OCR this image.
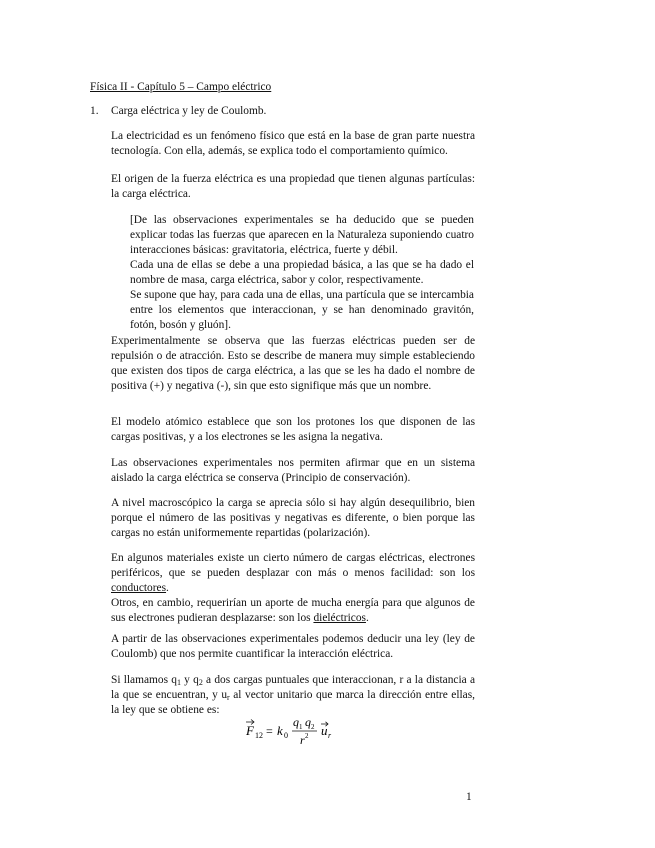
Física II - Capítulo 5 – Campo eléctrico
1. Carga eléctrica y ley de Coulomb.

La electricidad es un fenómeno físico que está en la base de gran parte nuestra tecnología. Con ella, además, se explica todo el comportamiento químico.

El origen de la fuerza eléctrica es una propiedad que tienen algunas partículas: la carga eléctrica.

[De las observaciones experimentales se ha deducido que se pueden explicar todas las fuerzas que aparecen en la Naturaleza suponiendo cuatro interacciones básicas: gravitatoria, eléctrica, fuerte y débil.

Cada una de ellas se debe a una propiedad básica, a las que se ha dado el nombre de masa, carga eléctrica, sabor y color, respectivamente.

Se supone que hay, para cada una de ellas, una partícula que se intercambia entre los elementos que interaccionan, y se han denominado gravitón, fotón, bosón y gluón].

Experimentalmente se observa que las fuerzas eléctricas pueden ser de repulsión o de atracción. Esto se describe de manera muy simple estableciendo que existen dos tipos de carga eléctrica, a las que se les ha dado el nombre de positiva (+) y negativa (-), sin que esto signifique más que un nombre.

El modelo atómico establece que son los protones los que disponen de las cargas positivas, y a los electrones se les asigna la negativa.

Las observaciones experimentales nos permiten afirmar que en un sistema aislado la carga eléctrica se conserva (Principio de conservación).

A nivel macroscópico la carga se aprecia sólo si hay algún desequilibrio, bien porque el número de las positivas y negativas es diferente, o bien porque las cargas no están uniformemente repartidas (polarización).

En algunos materiales existe un cierto número de cargas eléctricas, electrones periféricos, que se pueden desplazar con más o menos facilidad: son los conductores.

Otros, en cambio, requerirían un aporte de mucha energía para que algunos de sus electrones pudieran desplazarse: son los dieléctricos.

A partir de las observaciones experimentales podemos deducir una ley (ley de Coulomb) que nos permite cuantificar la interacción eléctrica.

Si llamamos $q_1$ y $q_2$ a dos cargas puntuales que interaccionan, r a la distancia a la que se encuentran, y $u_r$ al vector unitario que marca la dirección entre ellas, la ley que se obtiene es:

F 12 = k 0
q 1 q 2
r 2 u r
1
